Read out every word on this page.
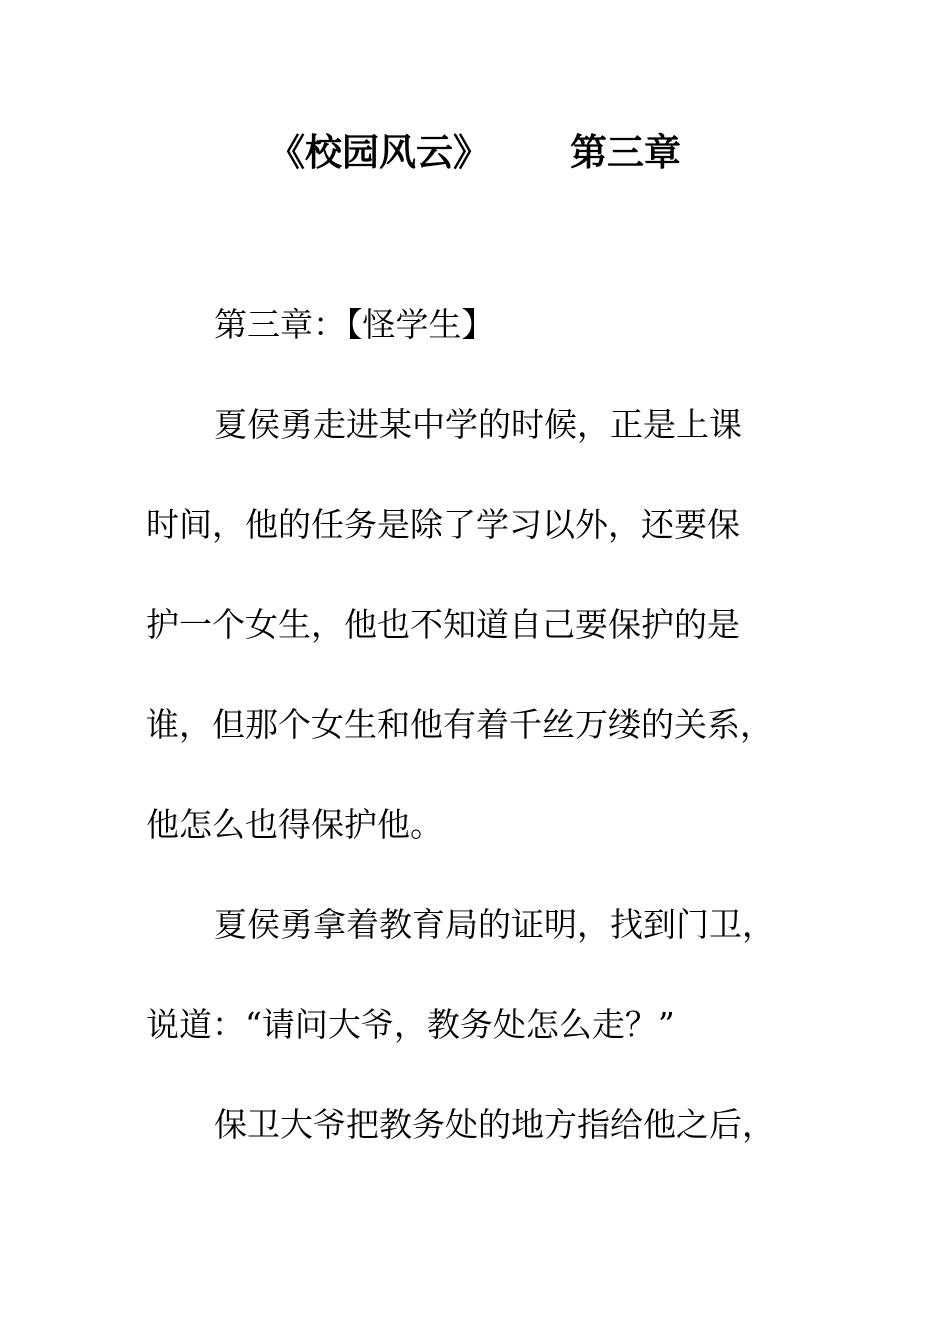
《校园风云》 第三章
第三章：【怪学生】
夏侯勇走进某中学的时候，正是上课
时间，他的任务是除了学习以外，还要保
护一个女生，他也不知道自己要保护的是
谁，但那个女生和他有着千丝万缕的关系，
他怎么也得保护他。
夏侯勇拿着教育局的证明，找到门卫，
说道：“请问大爷，教务处怎么走？”
保卫大爷把教务处的地方指给他之后，
